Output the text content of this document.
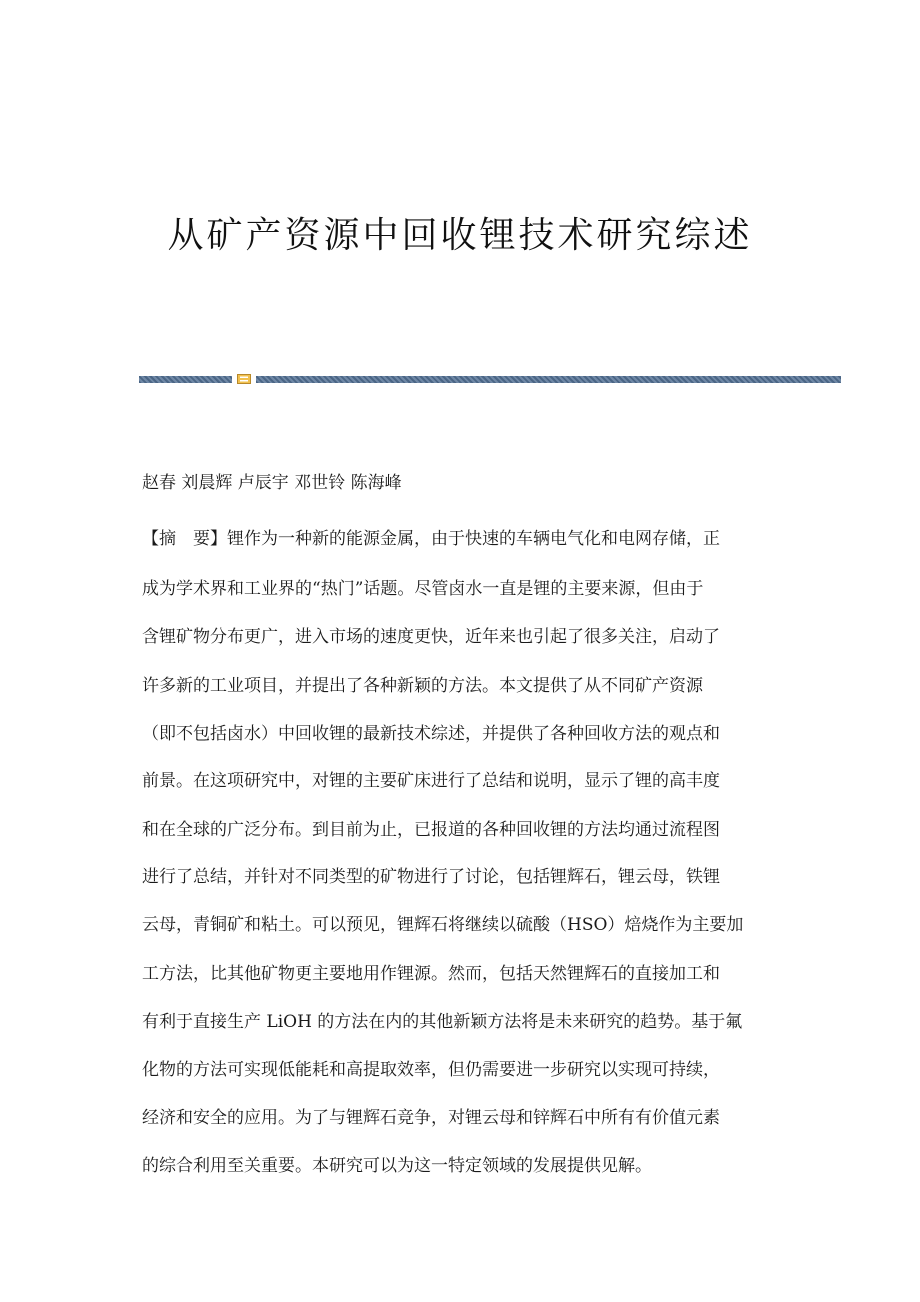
从矿产资源中回收锂技术研究综述
赵春 刘晨辉 卢辰宇 邓世铃 陈海峰
【摘　要】锂作为一种新的能源金属，由于快速的车辆电气化和电网存储，正
成为学术界和工业界的“热门”话题。尽管卤水一直是锂的主要来源，但由于
含锂矿物分布更广，进入市场的速度更快，近年来也引起了很多关注，启动了
许多新的工业项目，并提出了各种新颖的方法。本文提供了从不同矿产资源
（即不包括卤水）中回收锂的最新技术综述，并提供了各种回收方法的观点和
前景。在这项研究中，对锂的主要矿床进行了总结和说明，显示了锂的高丰度
和在全球的广泛分布。到目前为止，已报道的各种回收锂的方法均通过流程图
进行了总结，并针对不同类型的矿物进行了讨论，包括锂辉石，锂云母，铁锂
云母，青铜矿和粘土。可以预见，锂辉石将继续以硫酸（HSO）焙烧作为主要加
工方法，比其他矿物更主要地用作锂源。然而，包括天然锂辉石的直接加工和
有利于直接生产 LiOH 的方法在内的其他新颖方法将是未来研究的趋势。基于氟
化物的方法可实现低能耗和高提取效率，但仍需要进一步研究以实现可持续，
经济和安全的应用。为了与锂辉石竞争，对锂云母和锌辉石中所有有价值元素
的综合利用至关重要。本研究可以为这一特定领域的发展提供见解。
